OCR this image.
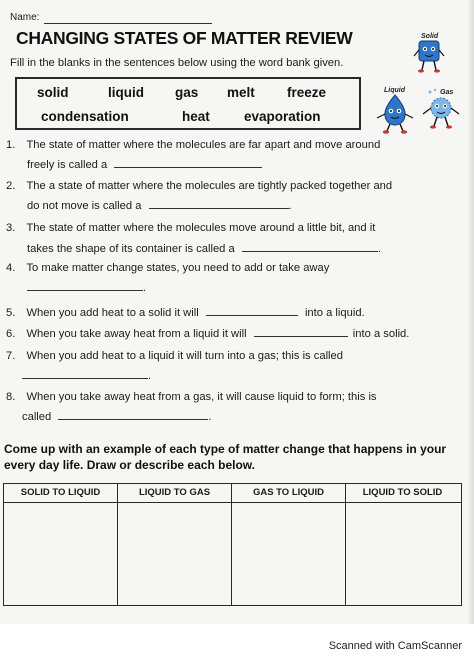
Name:
CHANGING STATES OF MATTER REVIEW	Solid
Liquid	Gas
Fill in the blanks in the sentences below using the word bank given.
solid	liquid gas melt freeze
condensation	heat	evaporation
1. The state of matter where the molecules are far apart and move around
freely is called a
2. The a state of matter where the molecules are tightly packed together and
do not move is called a	.
3. The state of matter where the molecules move around a little bit, and it
takes the shape of its container is called a	.
4. To make matter change states, you need to add or take away
.
5. When you add heat to a solid it will	into a liquid.
6. When you take away heat from a liquid it will	into a solid.
7. When you add heat to a liquid it will turn into a gas; this is called
.
8. When you take away heat from a gas, it will cause liquid to form; this is
called	.
Come up with an example of each type of matter change that happens in your every day life. Draw or describe each below.
SOLID TO LIQUID	LIQUID TO GAS	GAS TO LIQUID	LIQUID TO SOLID
Scanned with CamScanner
